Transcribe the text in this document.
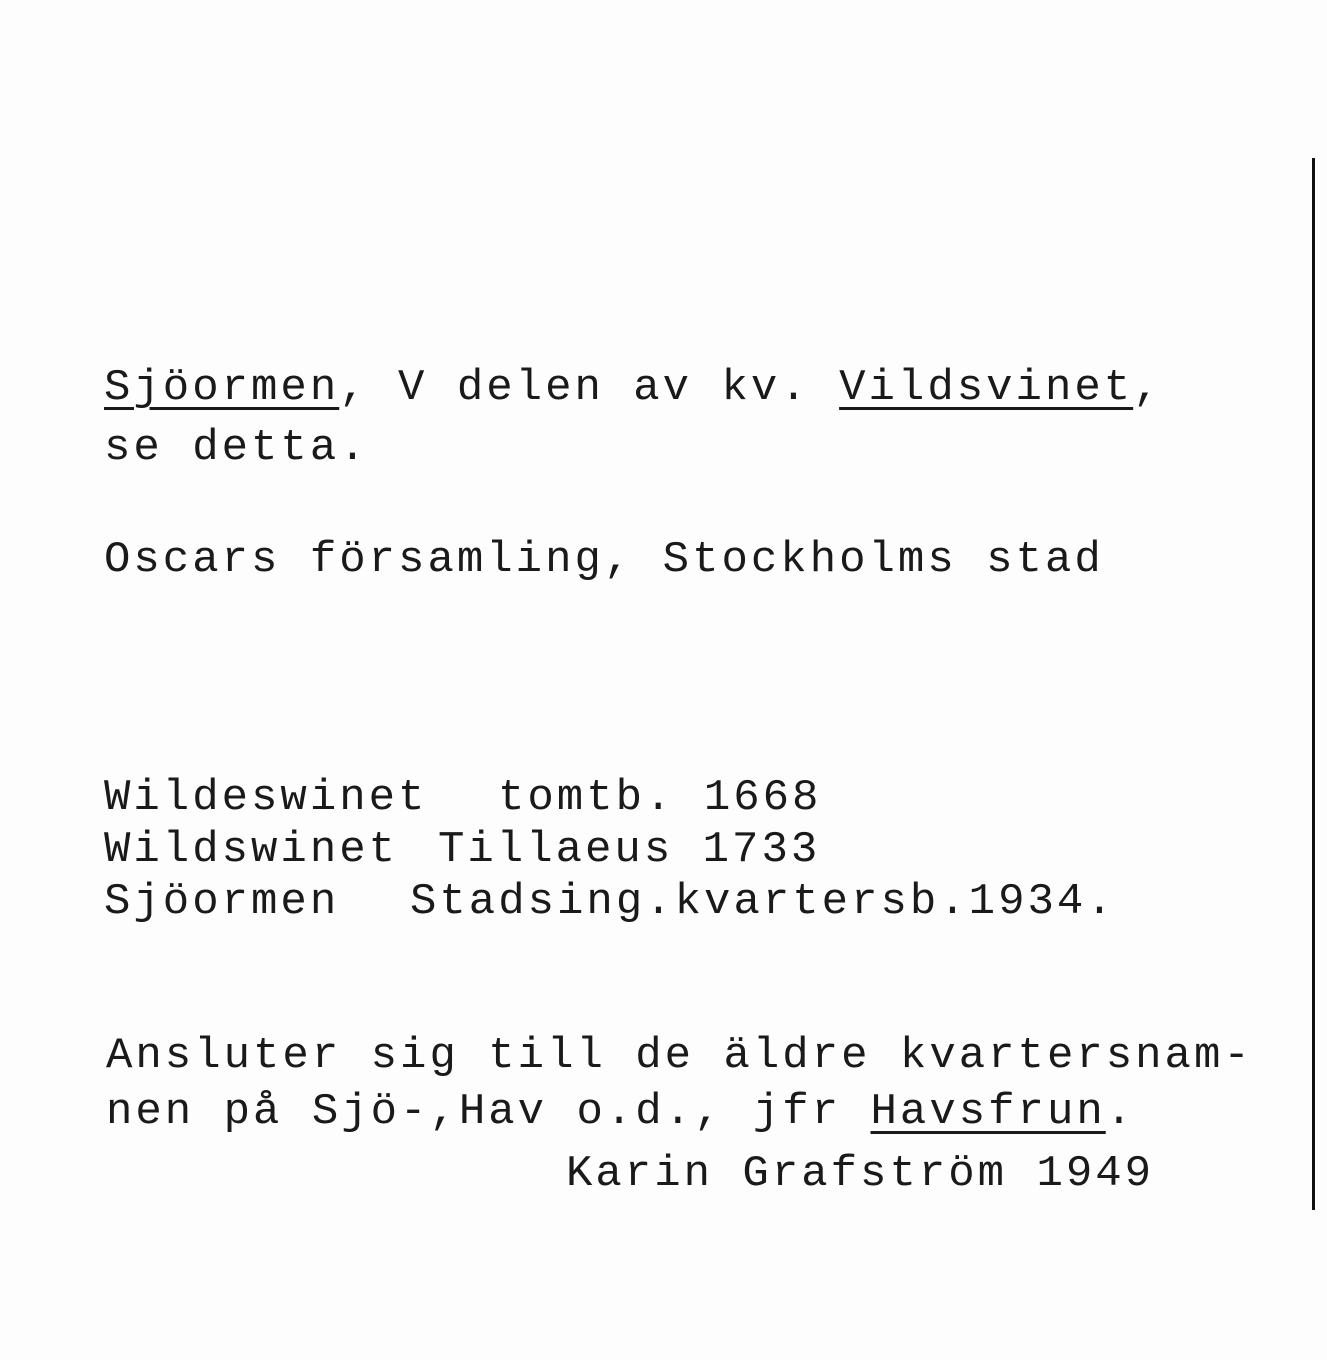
Sjöormen, V delen av kv. Vildsvinet,
se detta.
Oscars församling, Stockholms stad
Wildeswinet tomtb. 1668
Wildswinet Tillaeus 1733
Sjöormen Stadsing.kvartersb.1934.
Ansluter sig till de äldre kvartersnam-
nen på Sjö-,Hav o.d., jfr Havsfrun.
Karin Grafström 1949
